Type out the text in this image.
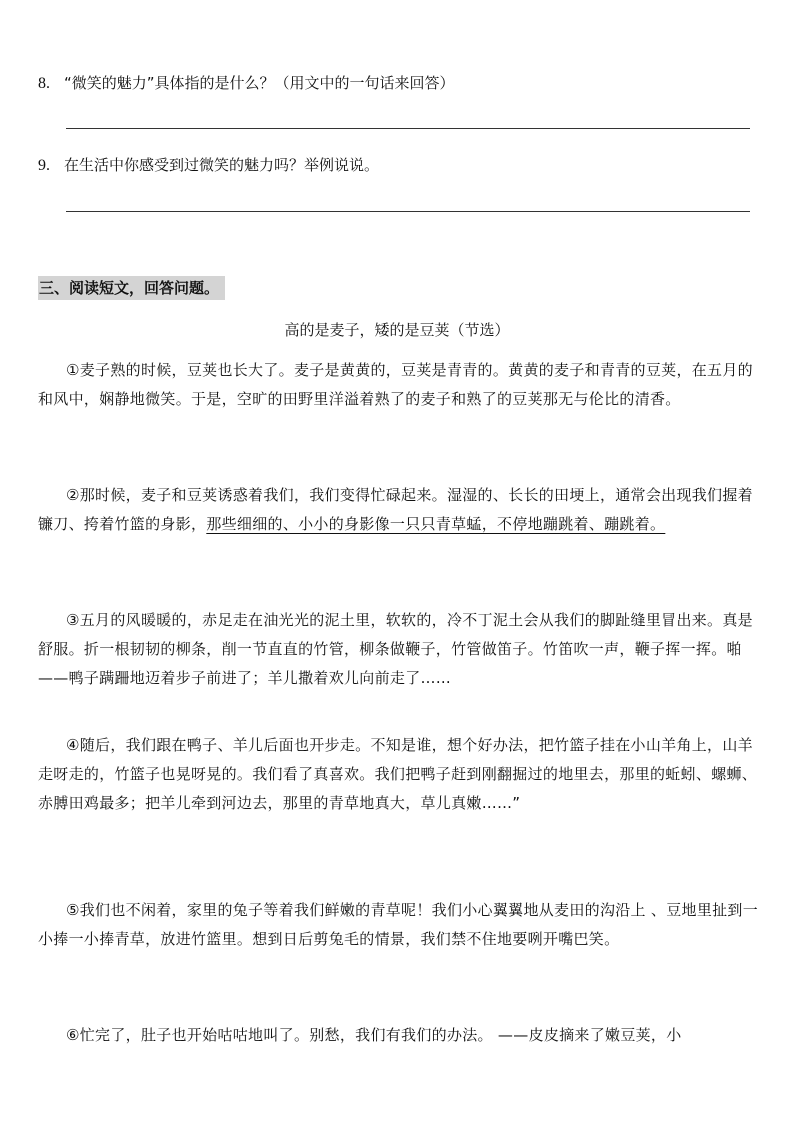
8. “微笑的魅力”具体指的是什么？（用文中的一句话来回答）
9. 在生活中你感受到过微笑的魅力吗？举例说说。
三、阅读短文，回答问题。
高的是麦子，矮的是豆荚（节选）

①麦子熟的时候，豆荚也长大了。麦子是黄黄的，豆荚是青青的。黄黄的麦子和青青的豆荚，在五月的和风中，娴静地微笑。于是，空旷的田野里洋溢着熟了的麦子和熟了的豆荚那无与伦比的清香。

②那时候，麦子和豆荚诱惑着我们，我们变得忙碌起来。湿湿的、长长的田埂上，通常会出现我们握着镰刀、挎着竹篮的身影，那些细细的、小小的身影像一只只青草蜢，不停地蹦跳着、蹦跳着。

③五月的风暖暖的，赤足走在油光光的泥土里，软软的，冷不丁泥土会从我们的脚趾缝里冒出来。真是舒服。折一根韧韧的柳条，削一节直直的竹管，柳条做鞭子，竹管做笛子。竹笛吹一声，鞭子挥一挥。啪——鸭子蹒跚地迈着步子前进了；羊儿撒着欢儿向前走了……

④随后，我们跟在鸭子、羊儿后面也开步走。不知是谁，想个好办法，把竹篮子挂在小山羊角上，山羊走呀走的，竹篮子也晃呀晃的。我们看了真喜欢。我们把鸭子赶到刚翻掘过的地里去，那里的蚯蚓、螺蛳、赤膊田鸡最多；把羊儿牵到河边去，那里的青草地真大，草儿真嫩……”

⑤我们也不闲着，家里的兔子等着我们鲜嫩的青草呢！我们小心翼翼地从麦田的沟沿上 、豆地里扯到一小捧一小捧青草，放进竹篮里。想到日后剪兔毛的情景，我们禁不住地要咧开嘴巴笑。

⑥忙完了，肚子也开始咕咕地叫了。别愁，我们有我们的办法。 ——皮皮摘来了嫩豆荚，小
